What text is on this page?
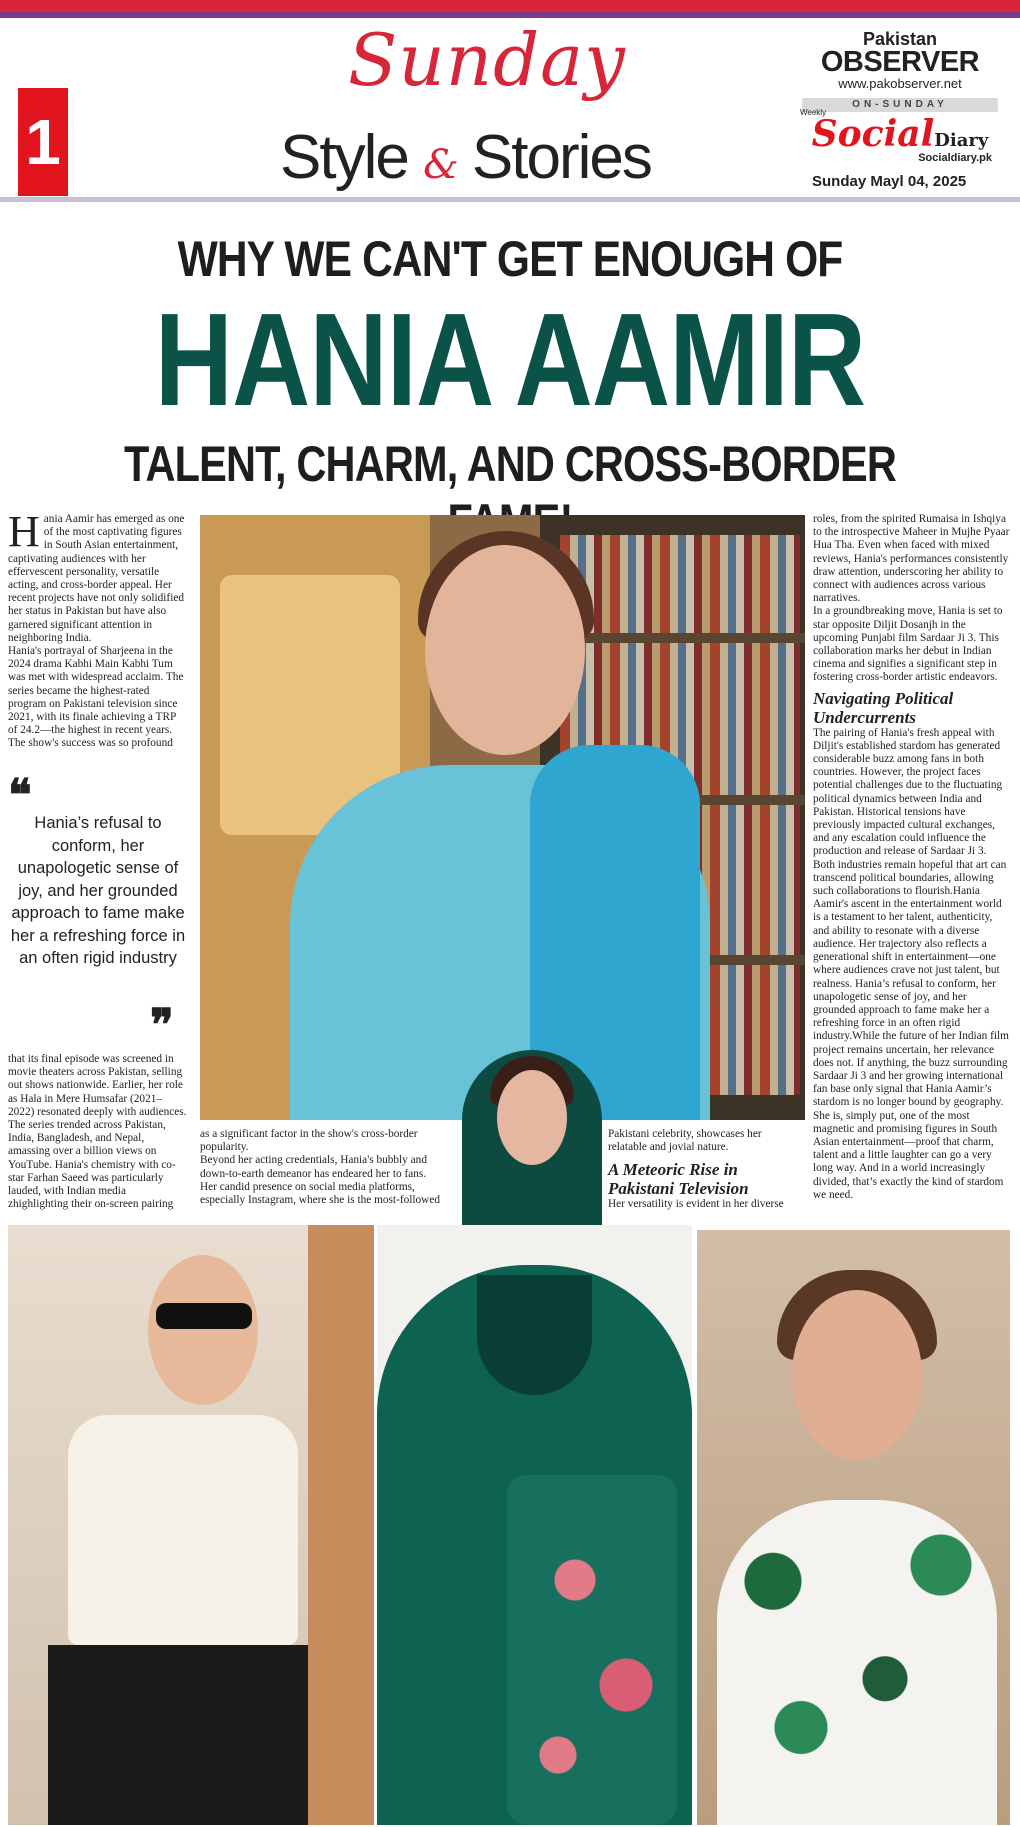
1
Sunday
Style & Stories
Pakistan
OBSERVER
www.pakobserver.net
ON-SUNDAY
SocialDiary
Socialdiary.pk
Weekly
Sunday Mayl 04, 2025
WHY WE CAN'T GET ENOUGH OF
HANIA AAMIR
TALENT, CHARM, AND CROSS-BORDER
H ania Aamir has emerged as one of the most captivating figures in South Asian entertainment, captivating audiences with her effervescent personality, versatile acting, and cross-border appeal. Her recent projects have not only solidified her status in Pakistan but have also garnered significant attention in neighboring India.

Hania's portrayal of Sharjeena in the 2024 drama Kabhi Main Kabhi Tum was met with widespread acclaim. The series became the highest-rated program on Pakistani television since 2021, with its finale achieving a TRP of 24.2—the highest in recent years. The show's success was so profound

❝
Hania’s refusal to conform, her unapologetic sense of joy, and her grounded approach to fame make her a refreshing force in an often rigid industry
❞

that its final episode was screened in movie theaters across Pakistan, selling out shows nationwide. Earlier, her role as Hala in Mere Humsafar (2021–2022) resonated deeply with audiences. The series trended across Pakistan, India, Bangladesh, and Nepal, amassing over a billion views on YouTube. Hania's chemistry with co-star Farhan Saeed was particularly lauded, with Indian media zhighlighting their on-screen pairing

as a significant factor in the show's cross-border popularity.

Beyond her acting credentials, Hania's bubbly and down-to-earth demeanor has endeared her to fans. Her candid presence on social media platforms, especially Instagram, where she is the most-followed

Pakistani celebrity, showcases her relatable and jovial nature.

A Meteoric Rise in Pakistani Television

Her versatility is evident in her diverse

roles, from the spirited Rumaisa in Ishqiya to the introspective Maheer in Mujhe Pyaar Hua Tha. Even when faced with mixed reviews, Hania's performances consistently draw attention, underscoring her ability to connect with audiences across various narratives.

In a groundbreaking move, Hania is set to star opposite Diljit Dosanjh in the upcoming Punjabi film Sardaar Ji 3. This collaboration marks her debut in Indian cinema and signifies a significant step in fostering cross-border artistic endeavors.

Navigating Political Undercurrents

The pairing of Hania's fresh appeal with Diljit's established stardom has generated considerable buzz among fans in both countries. However, the project faces potential challenges due to the fluctuating political dynamics between India and Pakistan. Historical tensions have previously impacted cultural exchanges, and any escalation could influence the production and release of Sardaar Ji 3. Both industries remain hopeful that art can transcend political boundaries, allowing such collaborations to flourish.Hania Aamir's ascent in the entertainment world is a testament to her talent, authenticity, and ability to resonate with a diverse audience. Her trajectory also reflects a generational shift in entertainment—one where audiences crave not just talent, but realness. Hania’s refusal to conform, her unapologetic sense of joy, and her grounded approach to fame make her a refreshing force in an often rigid industry.While the future of her Indian film project remains uncertain, her relevance does not. If anything, the buzz surrounding Sardaar Ji 3 and her growing international fan base only signal that Hania Aamir’s stardom is no longer bound by geography. She is, simply put, one of the most magnetic and promising figures in South Asian entertainment—proof that charm, talent and a little laughter can go a very long way. And in a world increasingly divided, that’s exactly the kind of stardom we need.
